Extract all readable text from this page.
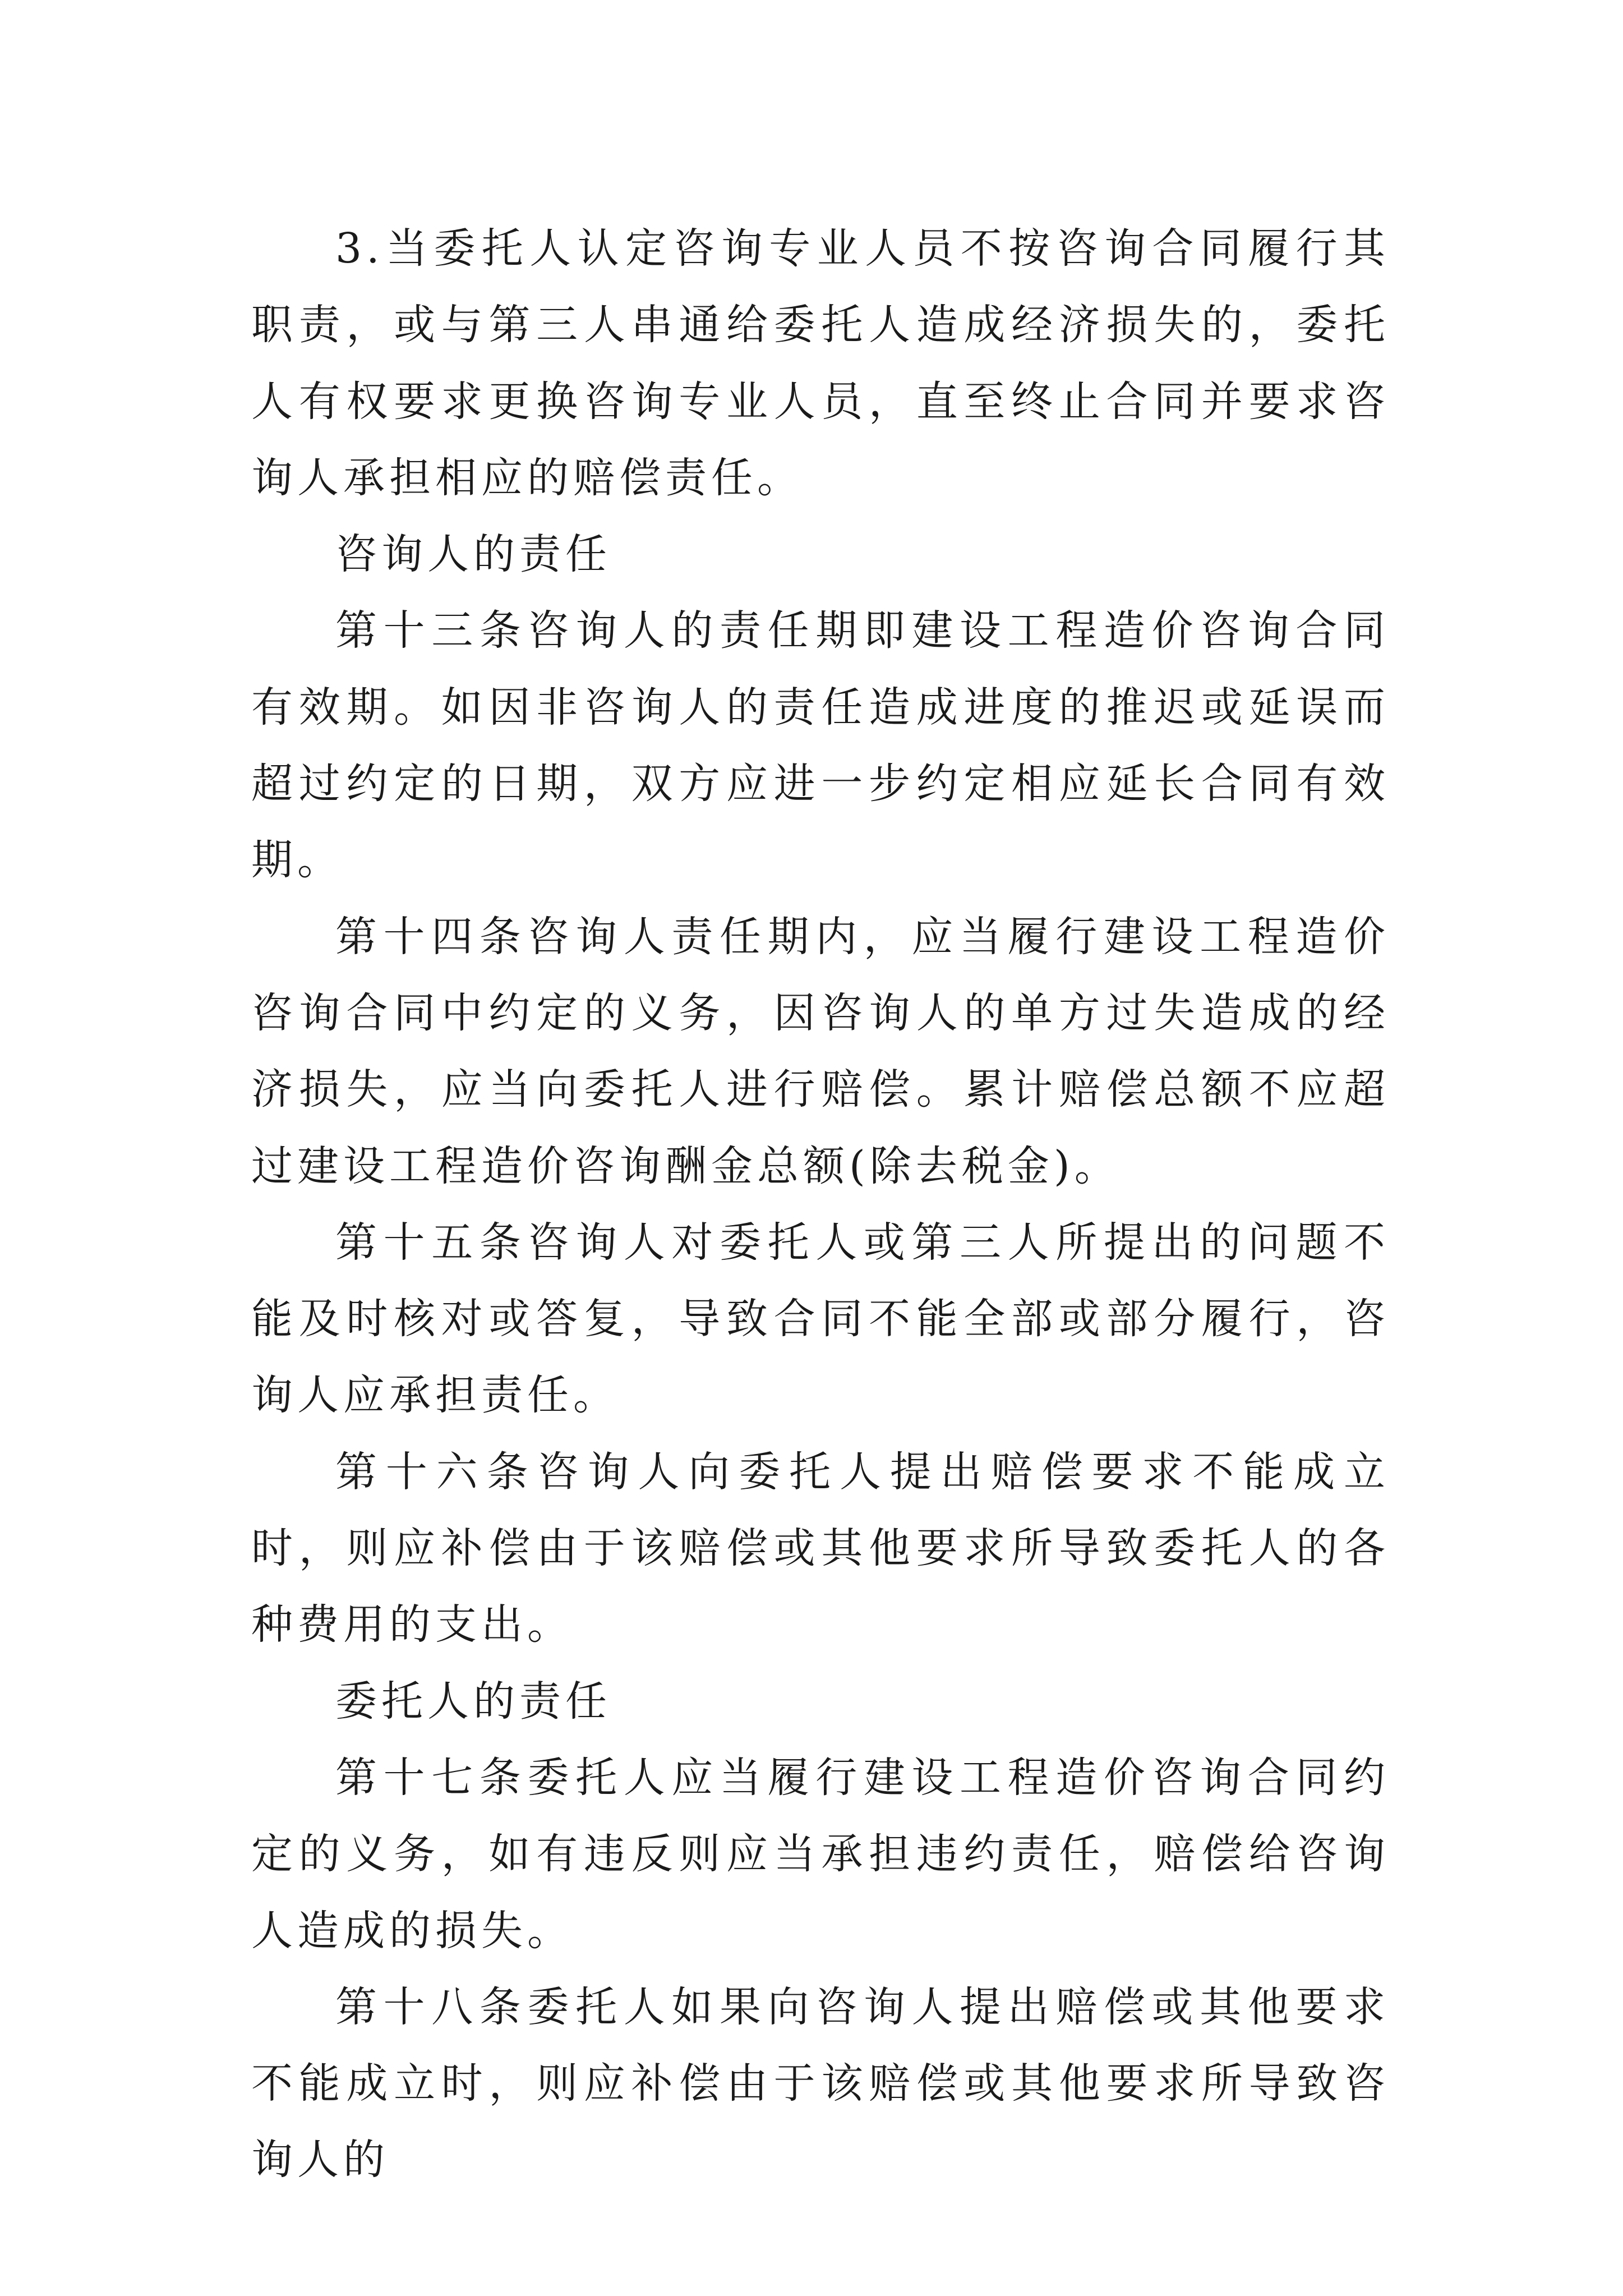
3.当委托人认定咨询专业人员不按咨询合同履行其职责，或与第三人串通给委托人造成经济损失的，委托人有权要求更换咨询专业人员，直至终止合同并要求咨询人承担相应的赔偿责任。

咨询人的责任

第十三条咨询人的责任期即建设工程造价咨询合同有效期。如因非咨询人的责任造成进度的推迟或延误而超过约定的日期，双方应进一步约定相应延长合同有效期。

第十四条咨询人责任期内，应当履行建设工程造价咨询合同中约定的义务，因咨询人的单方过失造成的经济损失，应当向委托人进行赔偿。累计赔偿总额不应超过建设工程造价咨询酬金总额(除去税金)。

第十五条咨询人对委托人或第三人所提出的问题不能及时核对或答复，导致合同不能全部或部分履行，咨询人应承担责任。

第十六条咨询人向委托人提出赔偿要求不能成立时，则应补偿由于该赔偿或其他要求所导致委托人的各种费用的支出。

委托人的责任

第十七条委托人应当履行建设工程造价咨询合同约定的义务，如有违反则应当承担违约责任，赔偿给咨询人造成的损失。

第十八条委托人如果向咨询人提出赔偿或其他要求不能成立时，则应补偿由于该赔偿或其他要求所导致咨询人的
